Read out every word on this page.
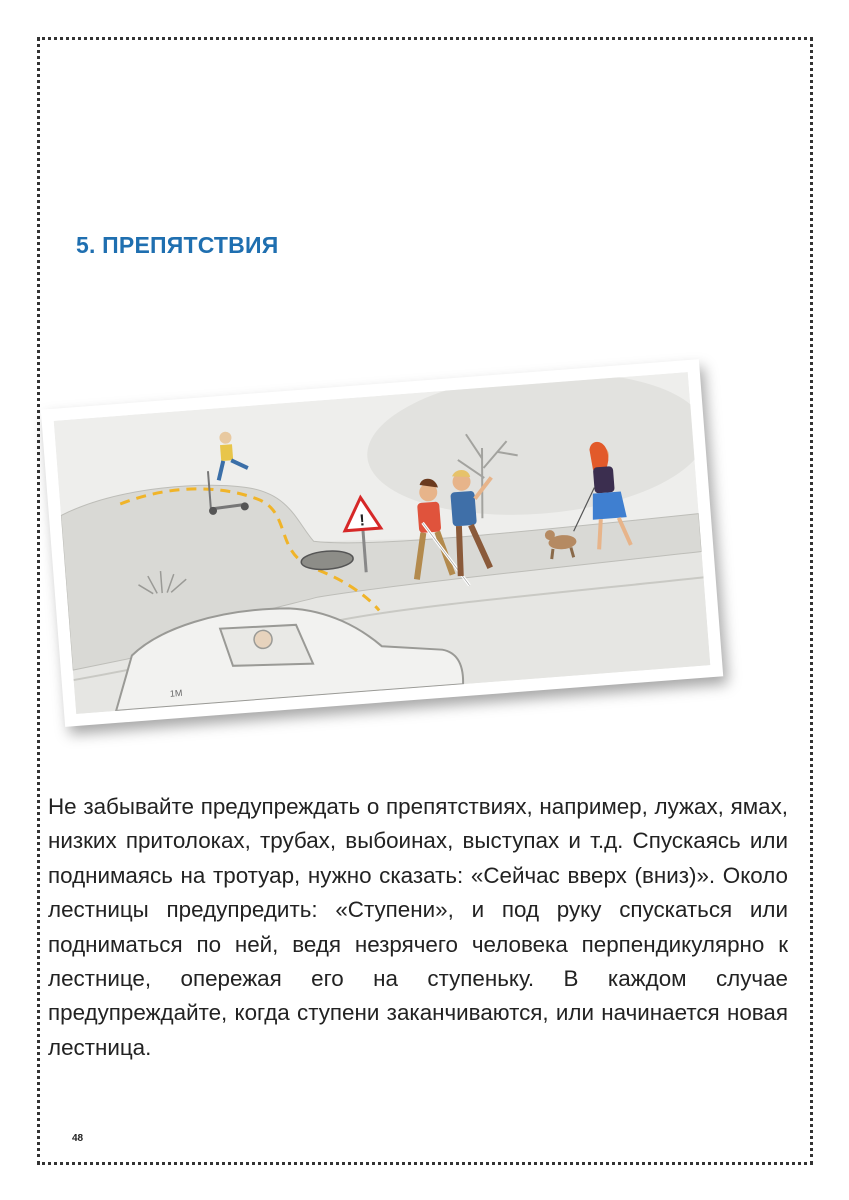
5. ПРЕПЯТСТВИЯ
!
1M

Не забывайте предупреждать о препятствиях, например, лужах, ямах, низких притолоках, трубах, выбоинах, выступах и т.д. Спускаясь или поднимаясь на тротуар, нужно сказать: «Сейчас вверх (вниз)». Около лестницы предупредить: «Ступени», и под руку спускаться или подниматься по ней, ведя незрячего человека перпендикулярно к лестнице, опережая его на ступеньку. В каждом случае предупреждайте, когда ступени заканчиваются, или начинается новая лестница.

48
